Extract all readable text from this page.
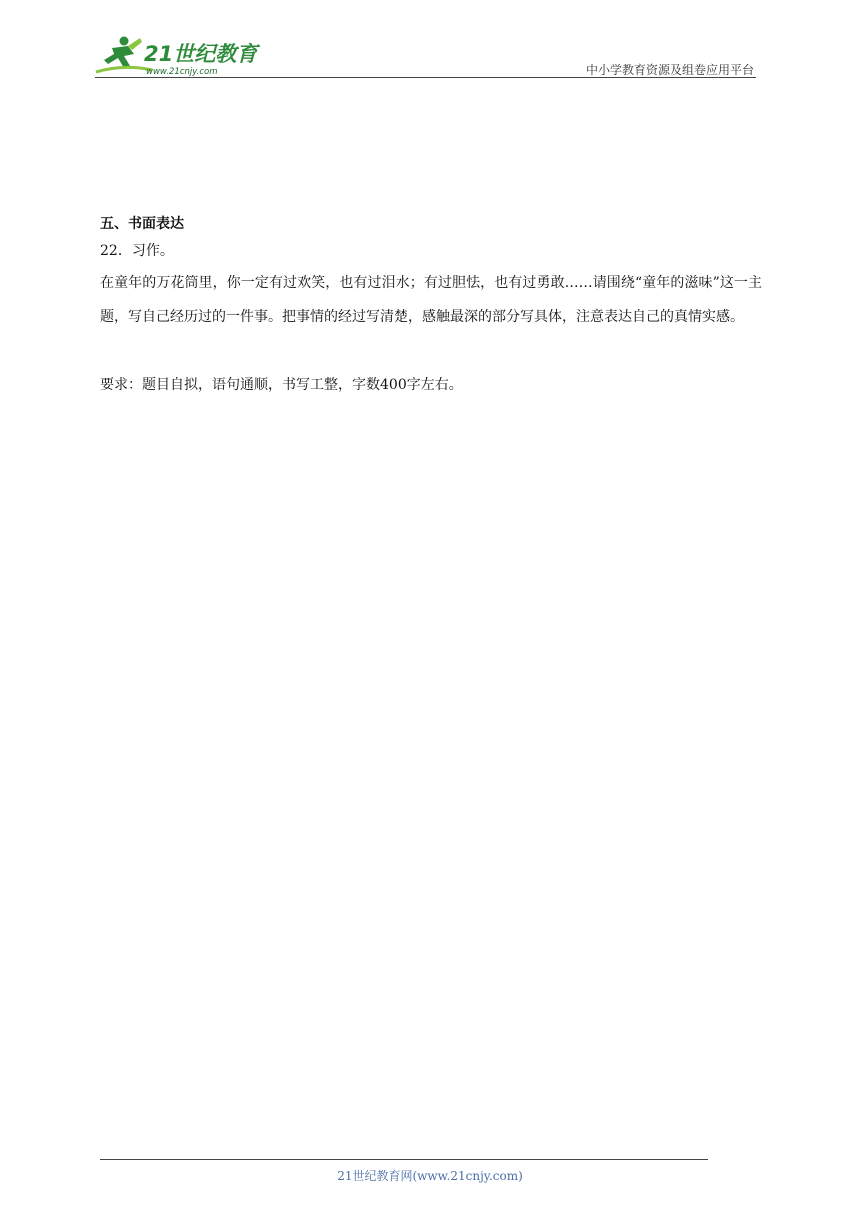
21世纪教育
www.21cnjy.com	中小学教育资源及组卷应用平台
五、书面表达
22．习作。
在童年的万花筒里，你一定有过欢笑，也有过泪水；有过胆怯，也有过勇敢……请围绕“童年的滋味”这一主题，写自己经历过的一件事。把事情的经过写清楚，感触最深的部分写具体，注意表达自己的真情实感。
要求：题目自拟，语句通顺，书写工整，字数400字左右。
21世纪教育网(www.21cnjy.com)
